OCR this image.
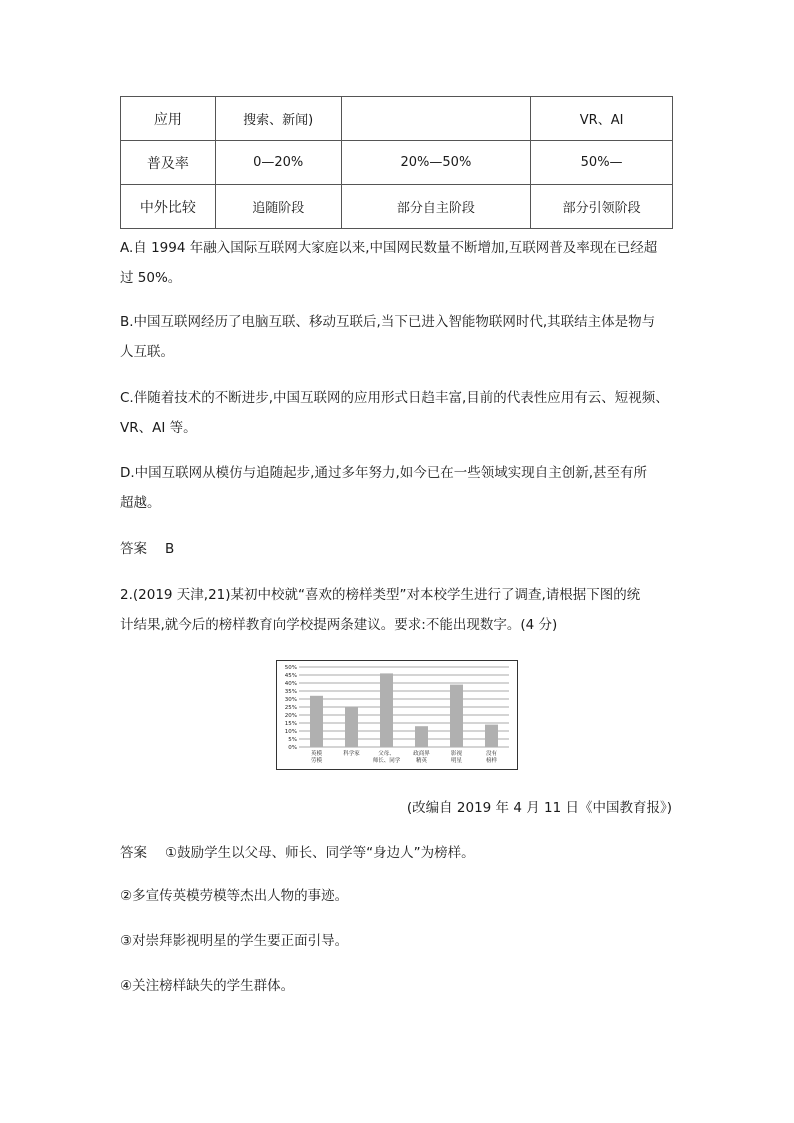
应用	搜索、新闻)		VR、AI
普及率	0—20%	20%—50%	50%—
中外比较	追随阶段	部分自主阶段	部分引领阶段

A.自 1994 年融入国际互联网大家庭以来,中国网民数量不断增加,互联网普及率现在已经超

过 50%。

B.中国互联网经历了电脑互联、移动互联后,当下已进入智能物联网时代,其联结主体是物与

人互联。

C.伴随着技术的不断进步,中国互联网的应用形式日趋丰富,目前的代表性应用有云、短视频、

VR、AI 等。

D.中国互联网从模仿与追随起步,通过多年努力,如今已在一些领域实现自主创新,甚至有所

超越。

答案 B

2.(2019 天津,21)某初中校就“喜欢的榜样类型”对本校学生进行了调查,请根据下图的统

计结果,就今后的榜样教育向学校提两条建议。要求:不能出现数字。(4 分)

50%
45%
40%
35%
30%
25%
20%
15%
10%
5%
0%
英模
劳模
科学家	父母、
师长、同学
政商界
精英
影视
明星
没有
榜样
(改编自 2019 年 4 月 11 日《中国教育报》)
答案 ①鼓励学生以父母、师长、同学等“身边人”为榜样。
②多宣传英模劳模等杰出人物的事迹。
③对崇拜影视明星的学生要正面引导。
④关注榜样缺失的学生群体。
